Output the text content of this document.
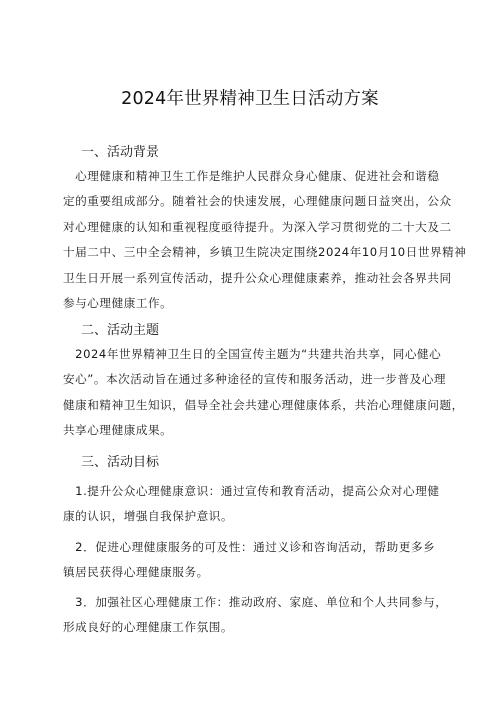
2024年世界精神卫生日活动方案
一、活动背景
　心理健康和精神卫生工作是维护人民群众身心健康、促进社会和谐稳
定的重要组成部分。随着社会的快速发展，心理健康问题日益突出，公众
对心理健康的认知和重视程度亟待提升。为深入学习贯彻党的二十大及二
十届二中、三中全会精神，乡镇卫生院决定围绕2024年10月10日世界精神
卫生日开展一系列宣传活动，提升公众心理健康素养，推动社会各界共同
参与心理健康工作。
二、活动主题
　2024年世界精神卫生日的全国宣传主题为“共建共治共享，同心健心
安心”。本次活动旨在通过多种途径的宣传和服务活动，进一步普及心理
健康和精神卫生知识，倡导全社会共建心理健康体系，共治心理健康问题，
共享心理健康成果。
三、活动目标
　1.提升公众心理健康意识：通过宣传和教育活动，提高公众对心理健
康的认识，增强自我保护意识。
　2．促进心理健康服务的可及性：通过义诊和咨询活动，帮助更多乡
镇居民获得心理健康服务。
　3．加强社区心理健康工作：推动政府、家庭、单位和个人共同参与，
形成良好的心理健康工作氛围。
